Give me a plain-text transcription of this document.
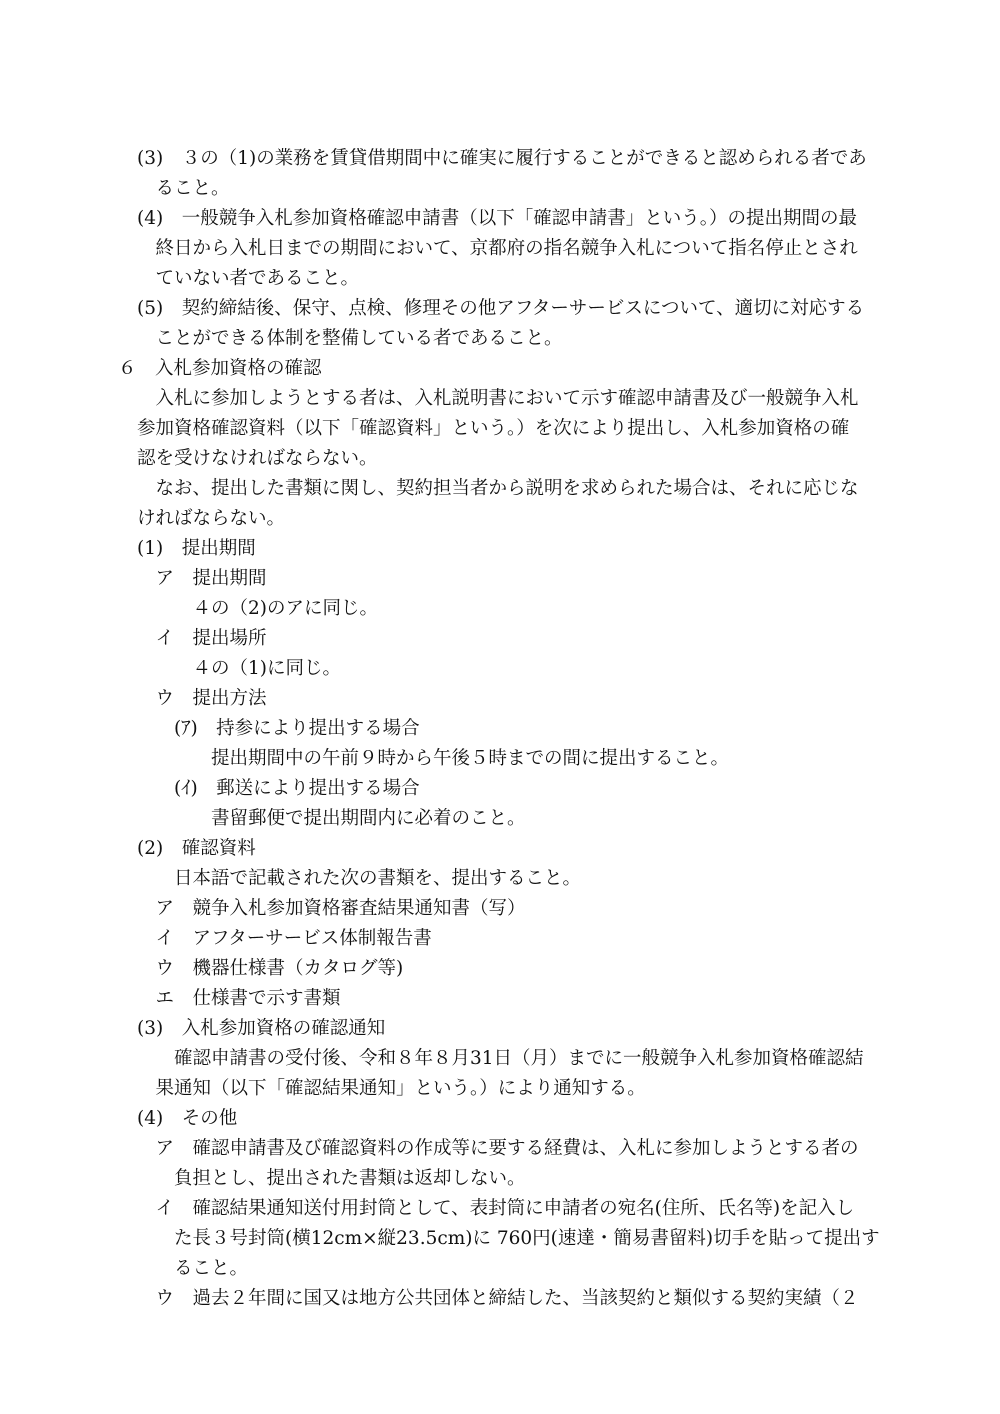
(3)　３の（1)の業務を賃貸借期間中に確実に履行することができると認められる者であ

　ること。

(4)　一般競争入札参加資格確認申請書（以下「確認申請書」という。）の提出期間の最

　終日から入札日までの期間において、京都府の指名競争入札について指名停止とされ

　ていない者であること。

(5)　契約締結後、保守、点検、修理その他アフターサービスについて、適切に対応する

　ことができる体制を整備している者であること。

６　入札参加資格の確認

　入札に参加しようとする者は、入札説明書において示す確認申請書及び一般競争入札

参加資格確認資料（以下「確認資料」という。）を次により提出し、入札参加資格の確

認を受けなければならない。

　なお、提出した書類に関し、契約担当者から説明を求められた場合は、それに応じな

ければならない。

(1)　提出期間

　ア　提出期間

　　　４の（2)のアに同じ。

　イ　提出場所

　　　４の（1)に同じ。

　ウ　提出方法

　　(ｱ)　持参により提出する場合

　　　　提出期間中の午前９時から午後５時までの間に提出すること。

　　(ｲ)　郵送により提出する場合

　　　　書留郵便で提出期間内に必着のこと。

(2)　確認資料

　　日本語で記載された次の書類を、提出すること。

　ア　競争入札参加資格審査結果通知書（写）

　イ　アフターサービス体制報告書

　ウ　機器仕様書（カタログ等)

　エ　仕様書で示す書類

(3)　入札参加資格の確認通知

　　確認申請書の受付後、令和８年８月31日（月）までに一般競争入札参加資格確認結

　果通知（以下「確認結果通知」という。）により通知する。

(4)　その他

　ア　確認申請書及び確認資料の作成等に要する経費は、入札に参加しようとする者の

　　負担とし、提出された書類は返却しない。

　イ　確認結果通知送付用封筒として、表封筒に申請者の宛名(住所、氏名等)を記入し

　　た長３号封筒(横12cm×縦23.5cm)に 760円(速達・簡易書留料)切手を貼って提出す

　　ること。

　ウ　過去２年間に国又は地方公共団体と締結した、当該契約と類似する契約実績（２
